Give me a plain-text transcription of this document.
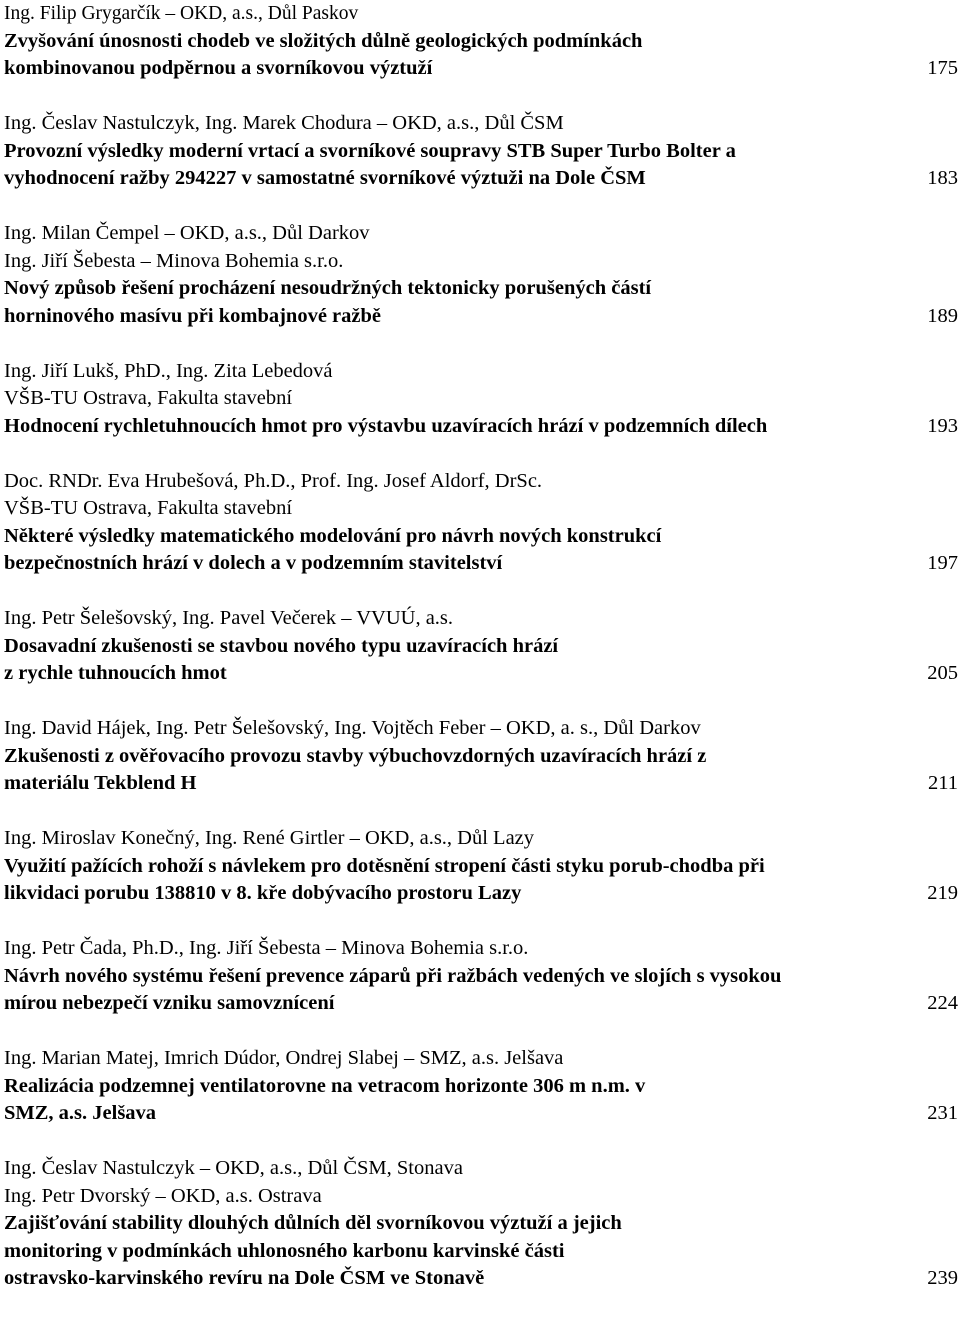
Ing. Filip Grygarčík – OKD, a.s., Důl Paskov
Zvyšování únosnosti chodeb ve složitých důlně geologických podmínkách
kombinovanou podpěrnou a svorníkovou výztuží	175
Ing. Česlav Nastulczyk, Ing. Marek Chodura – OKD, a.s., Důl ČSM
Provozní výsledky moderní vrtací a svorníkové soupravy STB Super Turbo Bolter a
vyhodnocení ražby 294227 v samostatné svorníkové výztuži na Dole ČSM	183
Ing. Milan Čempel – OKD, a.s., Důl Darkov
Ing. Jiří Šebesta – Minova Bohemia s.r.o.
Nový způsob řešení procházení nesoudržných tektonicky porušených částí
horninového masívu při kombajnové ražbě	189
Ing. Jiří Lukš, PhD., Ing. Zita Lebedová
VŠB-TU Ostrava, Fakulta stavební
Hodnocení rychletuhnoucích hmot pro výstavbu uzavíracích hrází v podzemních dílech	193
Doc. RNDr. Eva Hrubešová, Ph.D., Prof. Ing. Josef Aldorf, DrSc.
VŠB-TU Ostrava, Fakulta stavební
Některé výsledky matematického modelování pro návrh nových konstrukcí
bezpečnostních hrází v dolech a v podzemním stavitelství	197
Ing. Petr Šelešovský, Ing. Pavel Večerek – VVUÚ, a.s.
Dosavadní zkušenosti se stavbou nového typu uzavíracích hrází
z rychle tuhnoucích hmot	205
Ing. David Hájek, Ing. Petr Šelešovský, Ing. Vojtěch Feber – OKD, a. s., Důl Darkov
Zkušenosti z ověřovacího provozu stavby výbuchovzdorných uzavíracích hrází z
materiálu Tekblend H	211
Ing. Miroslav Konečný, Ing. René Girtler – OKD, a.s., Důl Lazy
Využití pažících rohoží s návlekem pro dotěsnění stropení části styku porub-chodba při
likvidaci porubu 138810 v 8. kře dobývacího prostoru Lazy	219
Ing. Petr Čada, Ph.D., Ing. Jiří Šebesta – Minova Bohemia s.r.o.
Návrh nového systému řešení prevence záparů při ražbách vedených ve slojích s vysokou
mírou nebezpečí vzniku samovznícení	224
Ing. Marian Matej, Imrich Dúdor, Ondrej Slabej – SMZ, a.s. Jelšava
Realizácia podzemnej ventilatorovne na vetracom horizonte 306 m n.m. v
SMZ, a.s. Jelšava	231
Ing. Česlav Nastulczyk – OKD, a.s., Důl ČSM, Stonava
Ing. Petr Dvorský – OKD, a.s. Ostrava
Zajišťování stability dlouhých důlních děl svorníkovou výztuží a jejich
monitoring v podmínkách uhlonosného karbonu karvinské části
ostravsko-karvinského revíru na Dole ČSM ve Stonavě	239
